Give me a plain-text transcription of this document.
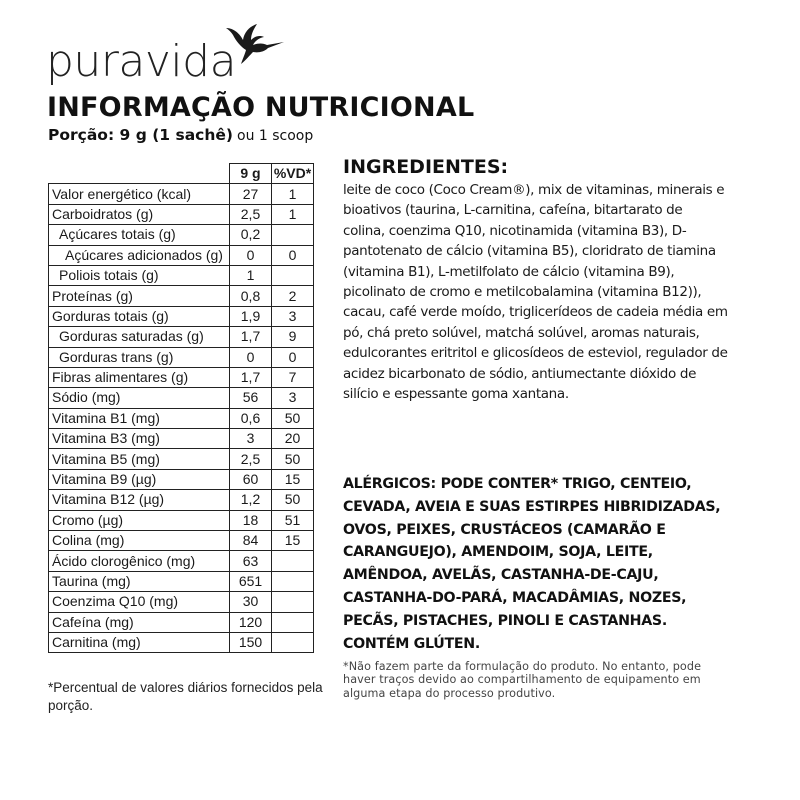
puravida
INFORMAÇÃO NUTRICIONAL
Porção: 9 g (1 sachê) ou 1 scoop
	9 g	%VD*
Valor energético (kcal)	27	1
Carboidratos (g)	2,5	1
Açúcares totais (g)	0,2	
Açúcares adicionados (g)	0	0
Poliois totais (g)	1	
Proteínas (g)	0,8	2
Gorduras totais (g)	1,9	3
Gorduras saturadas (g)	1,7	9
Gorduras trans (g)	0	0
Fibras alimentares (g)	1,7	7
Sódio (mg)	56	3
Vitamina B1 (mg)	0,6	50
Vitamina B3 (mg)	3	20
Vitamina B5 (mg)	2,5	50
Vitamina B9 (µg)	60	15
Vitamina B12 (µg)	1,2	50
Cromo (µg)	18	51
Colina (mg)	84	15
Ácido clorogênico (mg)	63	
Taurina (mg)	651	
Coenzima Q10 (mg)	30	
Cafeína (mg)	120	
Carnitina (mg)	150	
*Percentual de valores diários fornecidos pela porção.
INGREDIENTES:
leite de coco (Coco Cream®), mix de vitaminas, minerais e bioativos (taurina, L-carnitina, cafeína, bitartarato de colina, coenzima Q10, nicotinamida (vitamina B3), D-pantotenato de cálcio (vitamina B5), cloridrato de tiamina (vitamina B1), L-metilfolato de cálcio (vitamina B9), picolinato de cromo e metilcobalamina (vitamina B12)), cacau, café verde moído, triglicerídeos de cadeia média em pó, chá preto solúvel, matchá solúvel, aromas naturais, edulcorantes eritritol e glicosídeos de esteviol, regulador de acidez bicarbonato de sódio, antiumectante dióxido de silício e espessante goma xantana.
ALÉRGICOS: PODE CONTER* TRIGO, CENTEIO, CEVADA, AVEIA E SUAS ESTIRPES HIBRIDIZADAS, OVOS, PEIXES, CRUSTÁCEOS (CAMARÃO E CARANGUEJO), AMENDOIM, SOJA, LEITE, AMÊNDOA, AVELÃS, CASTANHA-DE-CAJU, CASTANHA-DO-PARÁ, MACADÂMIAS, NOZES, PECÃS, PISTACHES, PINOLI E CASTANHAS. CONTÉM GLÚTEN.
*Não fazem parte da formulação do produto. No entanto, pode haver traços devido ao compartilhamento de equipamento em alguma etapa do processo produtivo.
